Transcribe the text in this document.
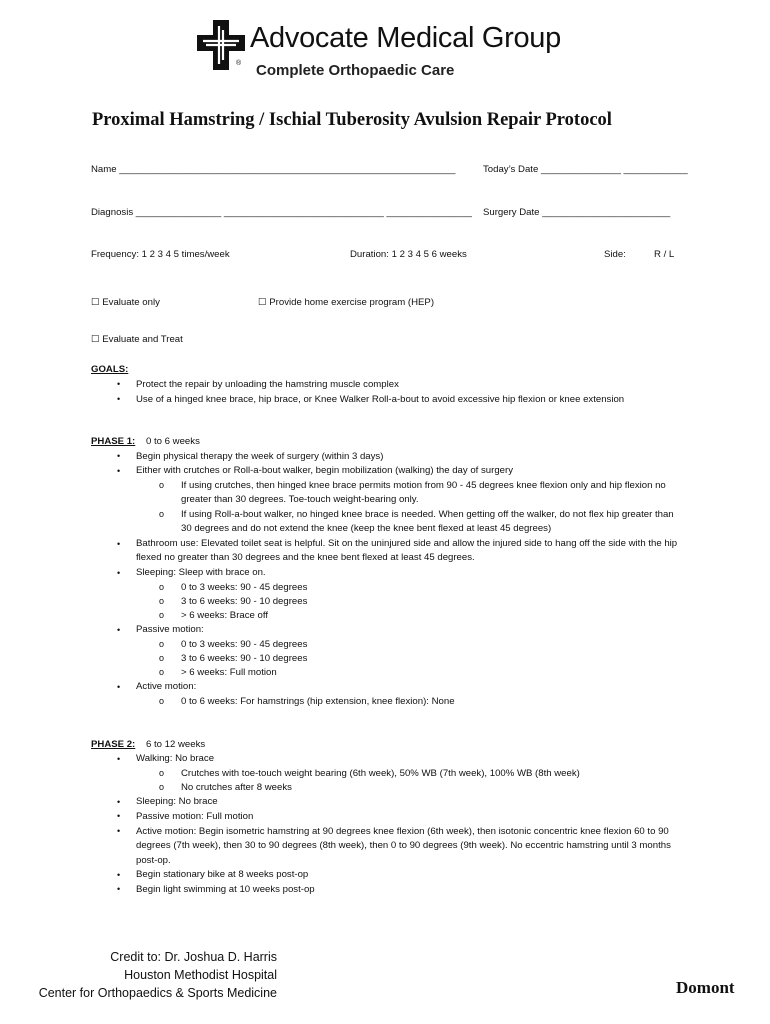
Advocate Medical Group
® Complete Orthopaedic Care
Proximal Hamstring / Ischial Tuberosity Avulsion Repair Protocol
Name _______________________________________________________________	Today’s Date _______________ ____________
Diagnosis ________________ ______________________________ ________________ Surgery Date ________________________
Frequency: 1 2 3 4 5 times/week	Duration: 1 2 3 4 5 6 weeks	Side:	R / L
☐ Evaluate only	☐ Provide home exercise program (HEP)
☐ Evaluate and Treat
GOALS:
• Protect the repair by unloading the hamstring muscle complex
• Use of a hinged knee brace, hip brace, or Knee Walker Roll-a-bout to avoid excessive hip flexion or knee extension
PHASE 1: 0 to 6 weeks
• Begin physical therapy the week of surgery (within 3 days)
• Either with crutches or Roll-a-bout walker, begin mobilization (walking) the day of surgery
o If using crutches, then hinged knee brace permits motion from 90 - 45 degrees knee flexion only and hip flexion no greater than 30 degrees. Toe-touch weight-bearing only.
o If using Roll-a-bout walker, no hinged knee brace is needed. When getting off the walker, do not flex hip greater than 30 degrees and do not extend the knee (keep the knee bent flexed at least 45 degrees)
• Bathroom use: Elevated toilet seat is helpful. Sit on the uninjured side and allow the injured side to hang off the side with the hip flexed no greater than 30 degrees and the knee bent flexed at least 45 degrees.
• Sleeping: Sleep with brace on.
o 0 to 3 weeks: 90 - 45 degrees
o 3 to 6 weeks: 90 - 10 degrees
o > 6 weeks: Brace off
• Passive motion:
o 0 to 3 weeks: 90 - 45 degrees
o 3 to 6 weeks: 90 - 10 degrees
o > 6 weeks: Full motion
• Active motion:
o 0 to 6 weeks: For hamstrings (hip extension, knee flexion): None
PHASE 2: 6 to 12 weeks
• Walking: No brace
o Crutches with toe-touch weight bearing (6th week), 50% WB (7th week), 100% WB (8th week)
o No crutches after 8 weeks
• Sleeping: No brace
• Passive motion: Full motion
• Active motion: Begin isometric hamstring at 90 degrees knee flexion (6th week), then isotonic concentric knee flexion 60 to 90 degrees (7th week), then 30 to 90 degrees (8th week), then 0 to 90 degrees (9th week). No eccentric hamstring until 3 months post-op.
• Begin stationary bike at 8 weeks post-op
• Begin light swimming at 10 weeks post-op
Credit to: Dr. Joshua D. Harris
Houston Methodist Hospital
Center for Orthopaedics & Sports Medicine	Domont
